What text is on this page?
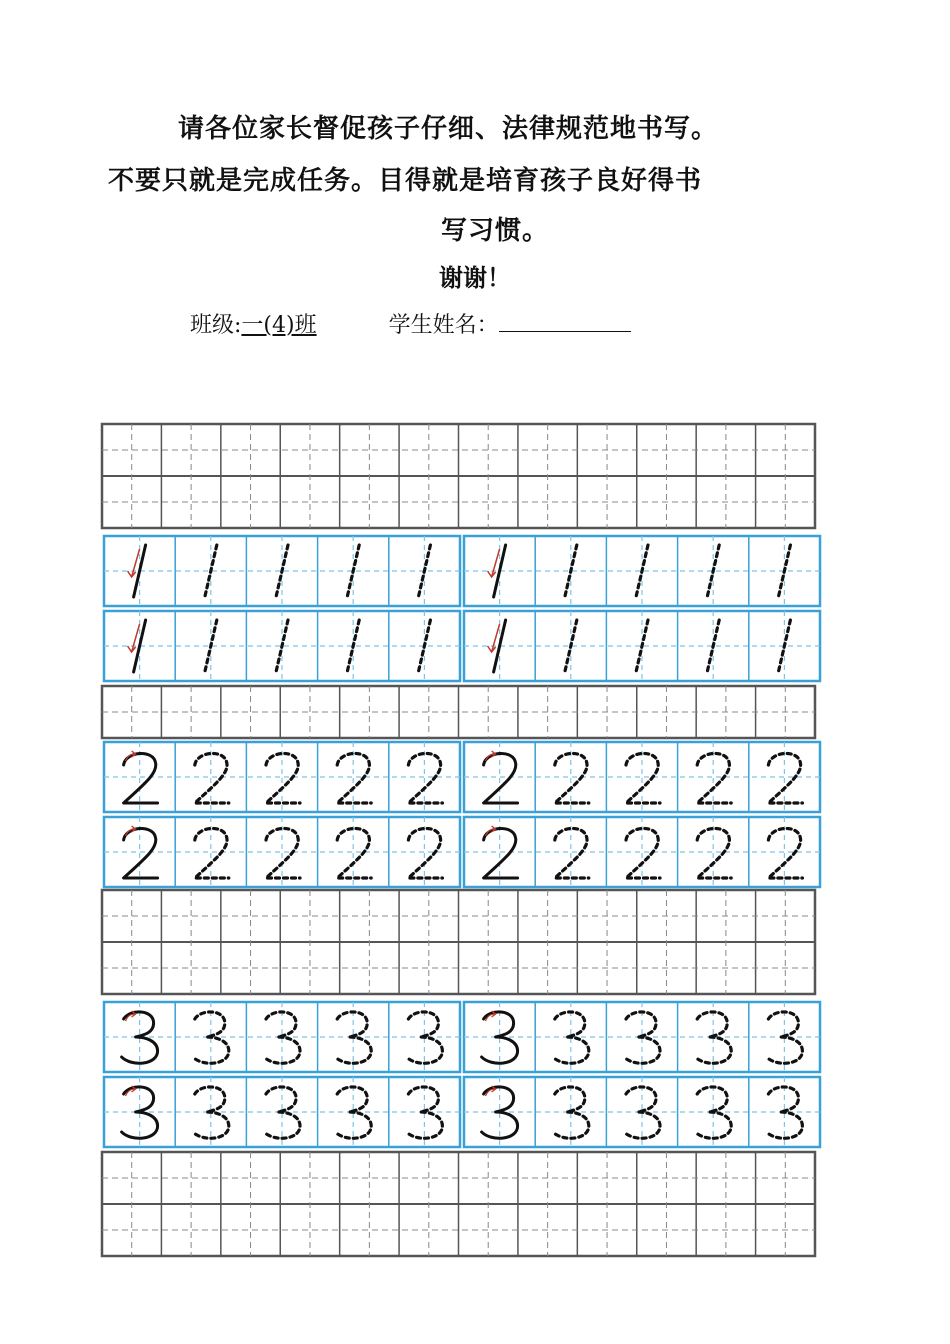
请各位家长督促孩子仔细、法律规范地书写。
不要只就是完成任务。目得就是培育孩子良好得书
写习惯。
谢谢！
班级:一(4)班	学生姓名：
